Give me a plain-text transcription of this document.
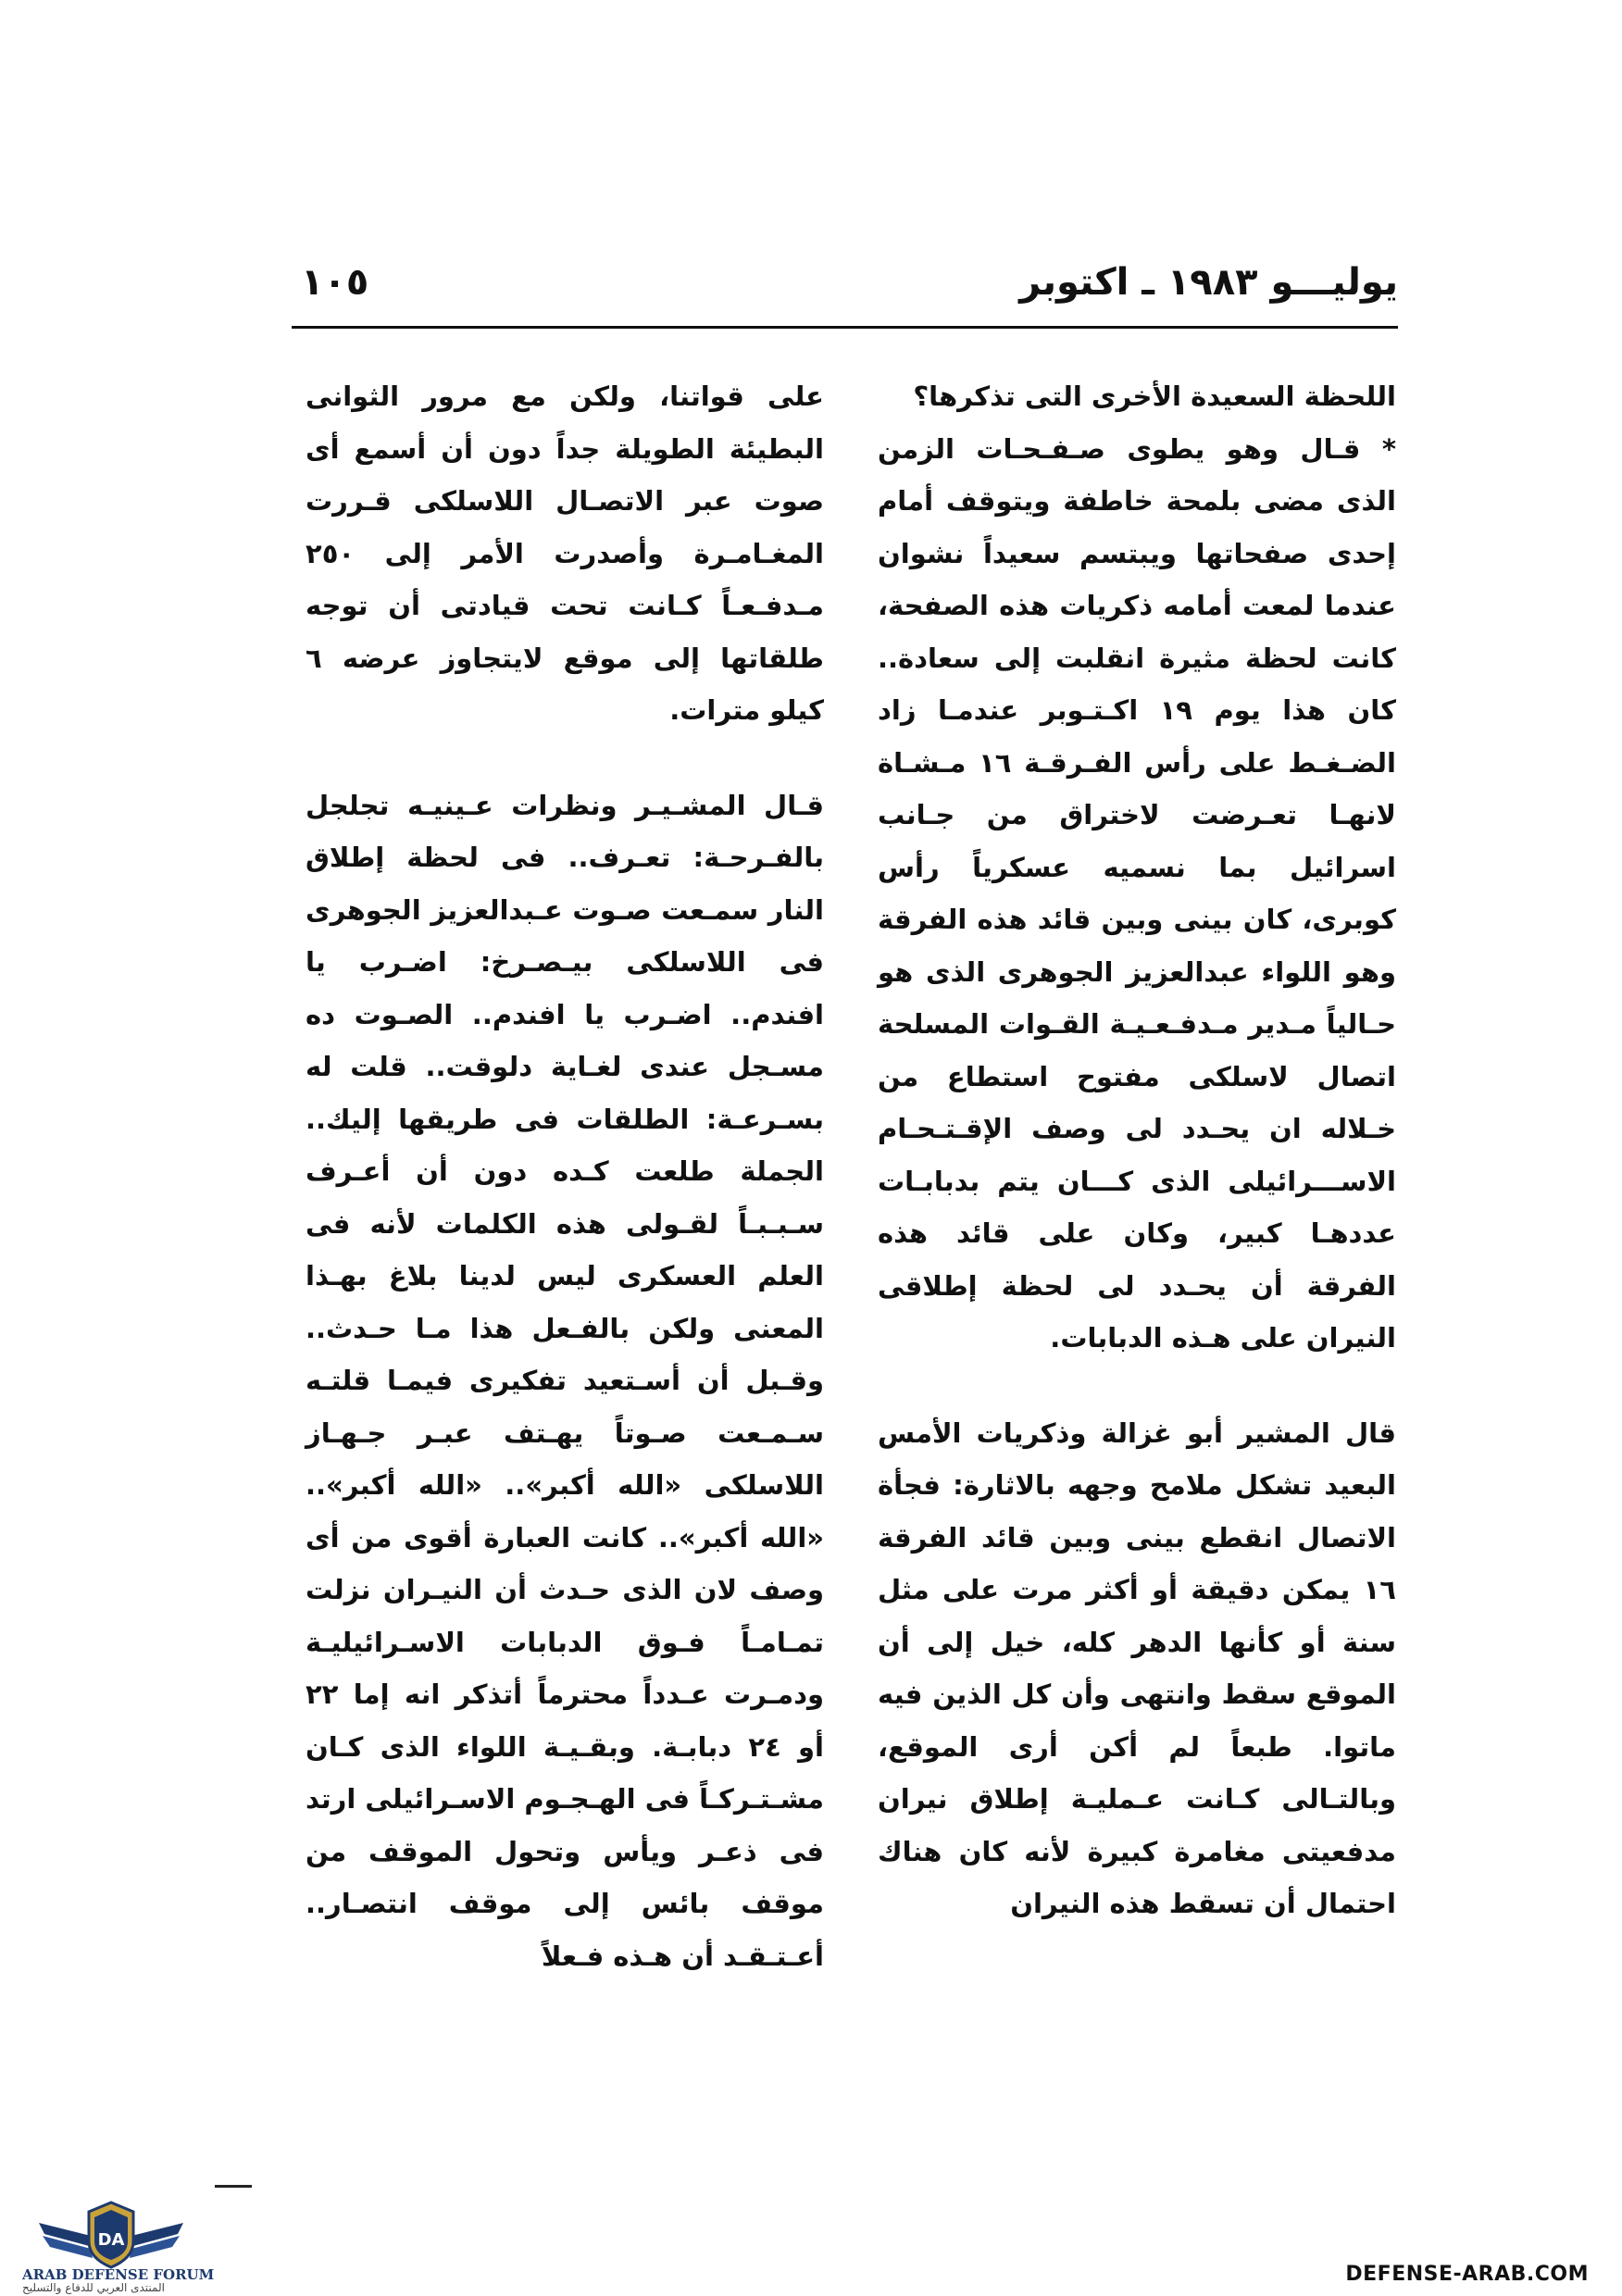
يوليـــو ١٩٨٣ ـ اكتوبر
١٠٥

اللحظة السعيدة الأخرى التى تذكرها؟

* قـال وهو يطوى صـفـحـات الزمن الذى مضى بلمحة خاطفة ويتوقف أمام إحدى صفحاتها ويبتسم سعيداً نشوان عندما لمعت أمامه ذكريات هذه الصفحة، كانت لحظة مثيرة انقلبت إلى سعادة.. كان هذا يوم ١٩ اكـتـوبر عندمـا زاد الضـغـط على رأس الفـرقـة ١٦ مـشـاة لانهـا تعـرضت لاختراق من جـانب اسرائيل بما نسميه عسكرياً رأس كوبرى، كان بينى وبين قائد هذه الفرقة وهو اللواء عبدالعزيز الجوهرى الذى هو حـالياً مـدير مـدفـعـيـة القـوات المسلحة اتصال لاسلكى مفتوح استطاع من خـلاله ان يحـدد لى وصف الإقـتـحـام الاســـرائيلى الذى كـــان يتم بدبابـات عددهـا كبير، وكان على قائد هذه الفرقة أن يحـدد لى لحظة إطلاقى النيران على هـذه الدبابات.

قال المشير أبو غزالة وذكريات الأمس البعيد تشكل ملامح وجهه بالاثارة: فجأة الاتصال انقطع بينى وبين قائد الفرقة ١٦ يمكن دقيقة أو أكثر مرت على مثل سنة أو كأنها الدهر كله، خيل إلى أن الموقع سقط وانتهى وأن كل الذين فيه ماتوا. طبعاً لم أكن أرى الموقع، وبالتـالى كـانت عـمليـة إطلاق نيران مدفعيتى مغامرة كبيرة لأنه كان هناك احتمال أن تسقط هذه النيران

على قواتنا، ولكن مع مرور الثوانى البطيئة الطويلة جداً دون أن أسمع أى صوت عبر الاتصـال اللاسلكى قـررت المغـامـرة وأصدرت الأمر إلى ٢٥٠ مـدفـعـاً كـانت تحت قيادتى أن توجه طلقاتها إلى موقع لايتجاوز عرضه ٦ كيلو مترات.

قـال المشـيـر ونظرات عـينيـه تجلجل بالفـرحـة: تعـرف.. فى لحظة إطلاق النار سمـعت صـوت عـبدالعزيز الجوهرى فى اللاسلكى بيـصـرخ: اضـرب يا افندم.. اضـرب يا افندم.. الصـوت ده مسـجل عندى لغـاية دلوقت.. قلت له بسـرعـة: الطلقات فى طريقها إليك.. الجملة طلعت كـده دون أن أعـرف سـبـبـاً لقـولى هذه الكلمات لأنه فى العلم العسكرى ليس لدينا بلاغ بهـذا المعنى ولكن بالفـعل هذا مـا حـدث.. وقـبل أن أسـتعيد تفكيرى فيمـا قلتـه سـمـعت صـوتاً يهـتف عبـر جـهـاز اللاسلكى «الله أكبر».. «الله أكبر».. «الله أكبر».. كانت العبارة أقوى من أى وصف لان الذى حـدث أن النيـران نزلت تمـامـاً فـوق الدبابات الاسـرائيليـة ودمـرت عـدداً محترماً أتذكر انه إما ٢٢ أو ٢٤ دبابـة. وبقـيـة اللواء الذى كـان مشـتـركـاً فى الهـجـوم الاسـرائيلى ارتد فى ذعـر ويأس وتحول الموقف من موقف بائس إلى موقف انتصـار.. أعـتـقـد أن هـذه فـعلاً

DA
ARAB DEFENSE FORUM
المنتدى العربي للدفاع والتسليح
DEFENSE-ARAB.COM
